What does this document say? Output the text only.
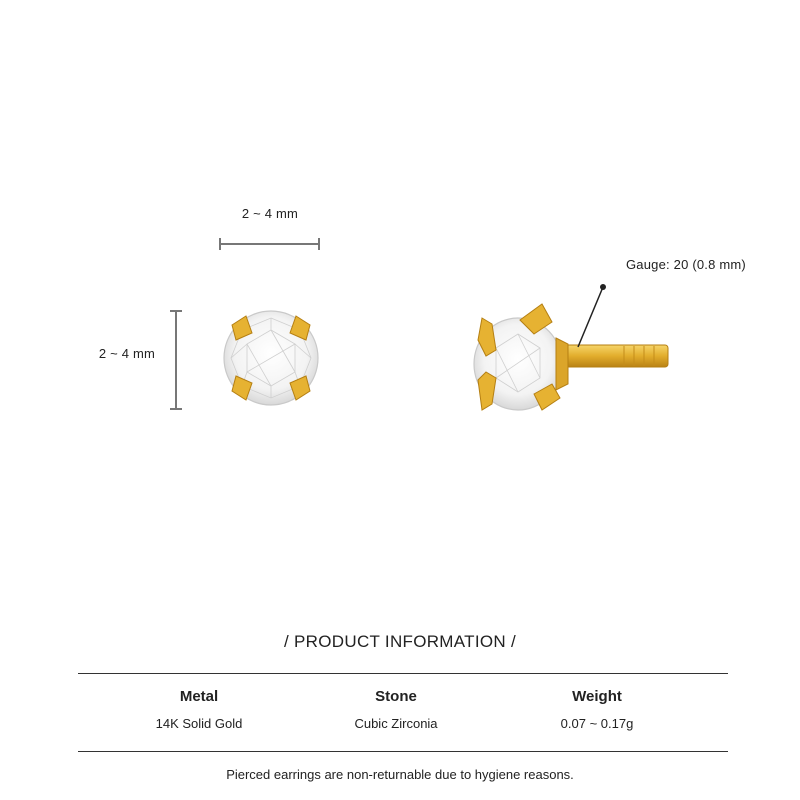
2 ~ 4 mm
2 ~ 4 mm
Gauge: 20 (0.8 mm)
/ PRODUCT INFORMATION /
Metal
14K Solid Gold
Stone
Cubic Zirconia
Weight
0.07 ~ 0.17g
Pierced earrings are non-returnable due to hygiene reasons.
